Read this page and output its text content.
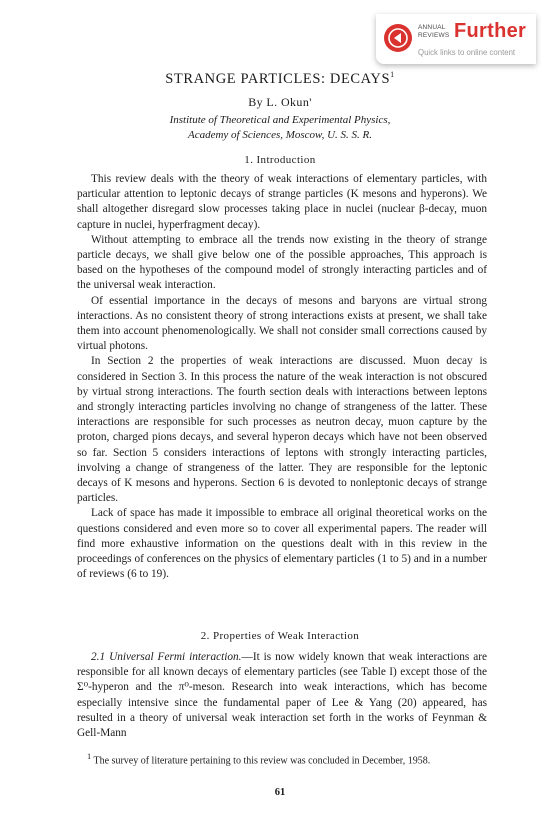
ANNUAL
REVIEWS Further
Quick links to online content
STRANGE PARTICLES: DECAYS$^1$
By L. Okun'
Institute of Theoretical and Experimental Physics,
Academy of Sciences, Moscow, U. S. S. R.
1. Introduction

This review deals with the theory of weak interactions of elementary particles, with particular attention to leptonic decays of strange particles (K mesons and hyperons). We shall altogether disregard slow processes taking place in nuclei (nuclear β-decay, muon capture in nuclei, hyperfragment decay).

Without attempting to embrace all the trends now existing in the theory of strange particle decays, we shall give below one of the possible approaches, This approach is based on the hypotheses of the compound model of strongly interacting particles and of the universal weak interaction.

Of essential importance in the decays of mesons and baryons are virtual strong interactions. As no consistent theory of strong interactions exists at present, we shall take them into account phenomenologically. We shall not consider small corrections caused by virtual photons.

In Section 2 the properties of weak interactions are discussed. Muon decay is considered in Section 3. In this process the nature of the weak interaction is not obscured by virtual strong interactions. The fourth section deals with interactions between leptons and strongly interacting particles involving no change of strangeness of the latter. These interactions are responsible for such processes as neutron decay, muon capture by the proton, charged pions decays, and several hyperon decays which have not been observed so far. Section 5 considers interactions of leptons with strongly interacting particles, involving a change of strangeness of the latter. They are responsible for the leptonic decays of K mesons and hyperons. Section 6 is devoted to nonleptonic decays of strange particles.

Lack of space has made it impossible to embrace all original theoretical works on the questions considered and even more so to cover all experimental papers. The reader will find more exhaustive information on the questions dealt with in this review in the proceedings of conferences on the physics of elementary particles (1 to 5) and in a number of reviews (6 to 19).

2. Properties of Weak Interaction

2.1 Universal Fermi interaction.—It is now widely known that weak interactions are responsible for all known decays of elementary particles (see Table I) except those of the Σ⁰-hyperon and the π⁰-meson. Research into weak interactions, which has become especially intensive since the fundamental paper of Lee & Yang (20) appeared, has resulted in a theory of universal weak interaction set forth in the works of Feynman & Gell-Mann

$^1$ The survey of literature pertaining to this review was concluded in December, 1958.

61
